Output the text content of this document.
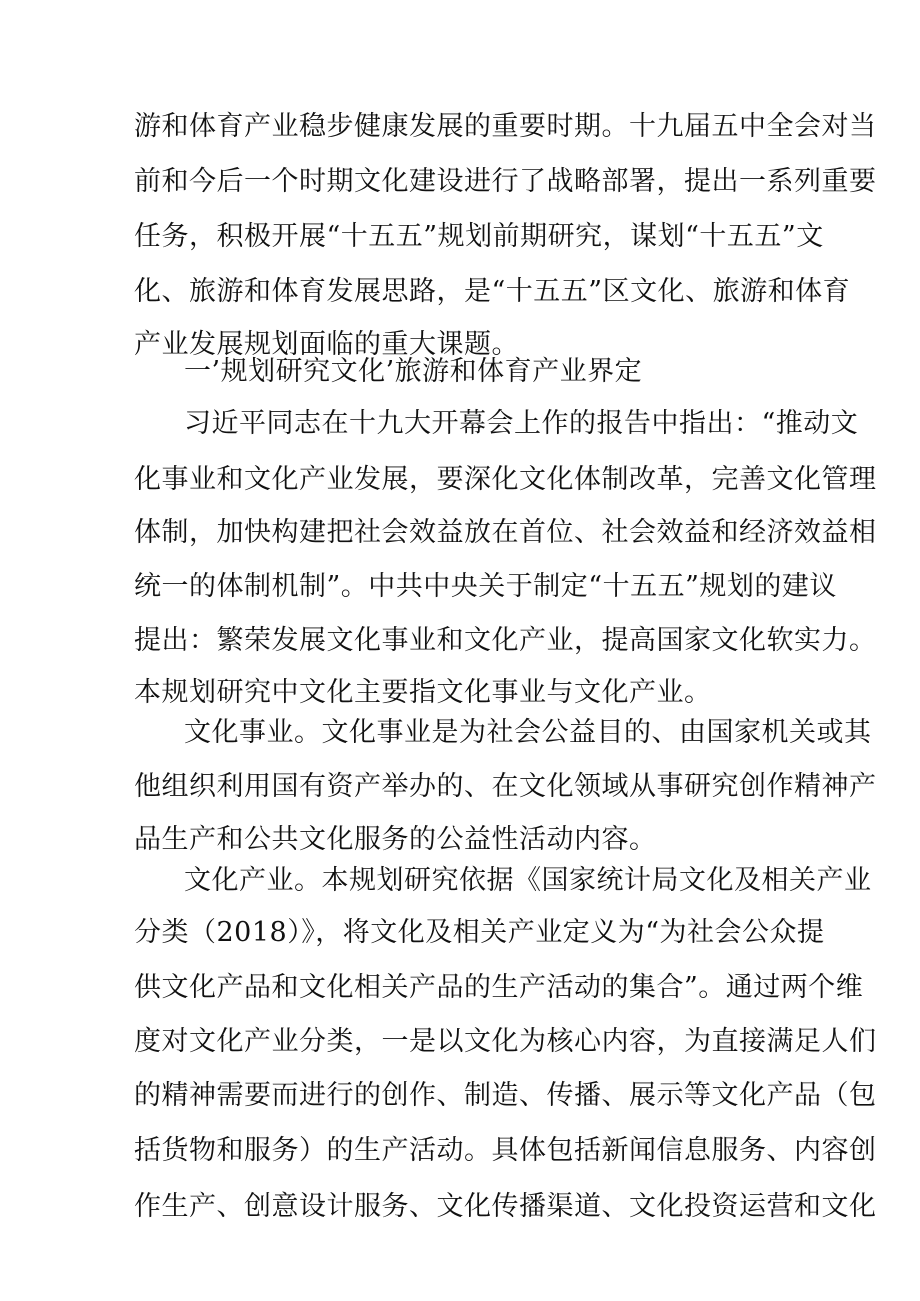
游和体育产业稳步健康发展的重要时期。十九届五中全会对当
前和今后一个时期文化建设进行了战略部署，提出一系列重要
任务，积极开展“十五五”规划前期研究，谋划“十五五”文
化、旅游和体育发展思路，是“十五五”区文化、旅游和体育
产业发展规划面临的重大课题。
一’规划研究文化’旅游和体育产业界定
习近平同志在十九大开幕会上作的报告中指出：“推动文
化事业和文化产业发展，要深化文化体制改革，完善文化管理
体制，加快构建把社会效益放在首位、社会效益和经济效益相
统一的体制机制”。中共中央关于制定“十五五”规划的建议
提出：繁荣发展文化事业和文化产业，提高国家文化软实力。
本规划研究中文化主要指文化事业与文化产业。
文化事业。文化事业是为社会公益目的、由国家机关或其
他组织利用国有资产举办的、在文化领域从事研究创作精神产
品生产和公共文化服务的公益性活动内容。
文化产业。本规划研究依据《国家统计局文化及相关产业
分类（2018）》，将文化及相关产业定义为“为社会公众提
供文化产品和文化相关产品的生产活动的集合”。通过两个维
度对文化产业分类，一是以文化为核心内容，为直接满足人们
的精神需要而进行的创作、制造、传播、展示等文化产品（包
括货物和服务）的生产活动。具体包括新闻信息服务、内容创
作生产、创意设计服务、文化传播渠道、文化投资运营和文化
